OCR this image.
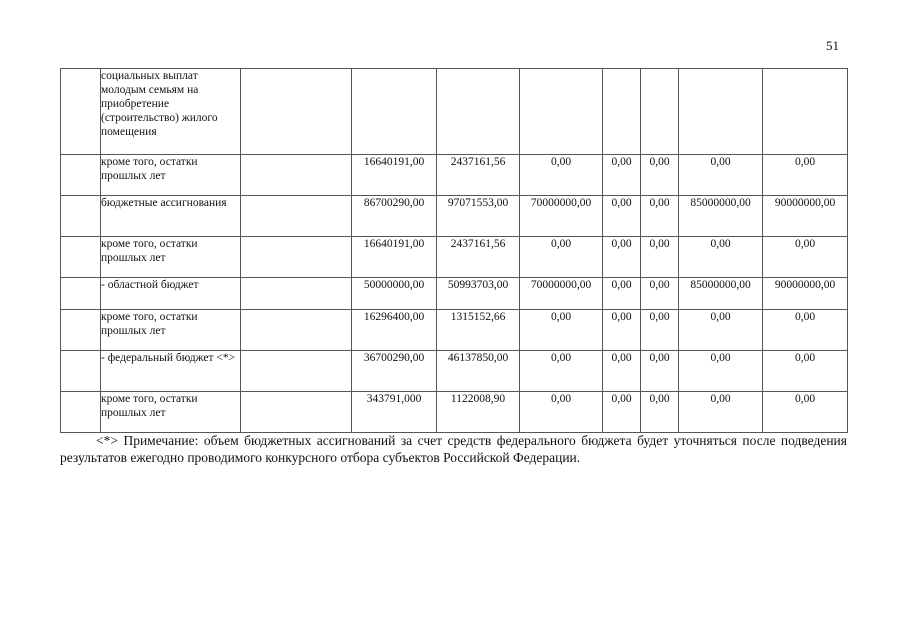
51
	социальных выплат молодым семьям на приобретение (строительство) жилого помещения								
	кроме того, остатки прошлых лет		16640191,00	2437161,56	0,00	0,00	0,00	0,00	0,00
	бюджетные ассигнования		86700290,00	97071553,00	70000000,00	0,00	0,00	85000000,00	90000000,00
	кроме того, остатки прошлых лет		16640191,00	2437161,56	0,00	0,00	0,00	0,00	0,00
	- областной бюджет		50000000,00	50993703,00	70000000,00	0,00	0,00	85000000,00	90000000,00
	кроме того, остатки прошлых лет		16296400,00	1315152,66	0,00	0,00	0,00	0,00	0,00
	- федеральный бюджет <*>		36700290,00	46137850,00	0,00	0,00	0,00	0,00	0,00
	кроме того, остатки прошлых лет		343791,000	1122008,90	0,00	0,00	0,00	0,00	0,00
<*> Примечание: объем бюджетных ассигнований за счет средств федерального бюджета будет уточняться после подведения результатов ежегодно проводимого конкурсного отбора субъектов Российской Федерации.
